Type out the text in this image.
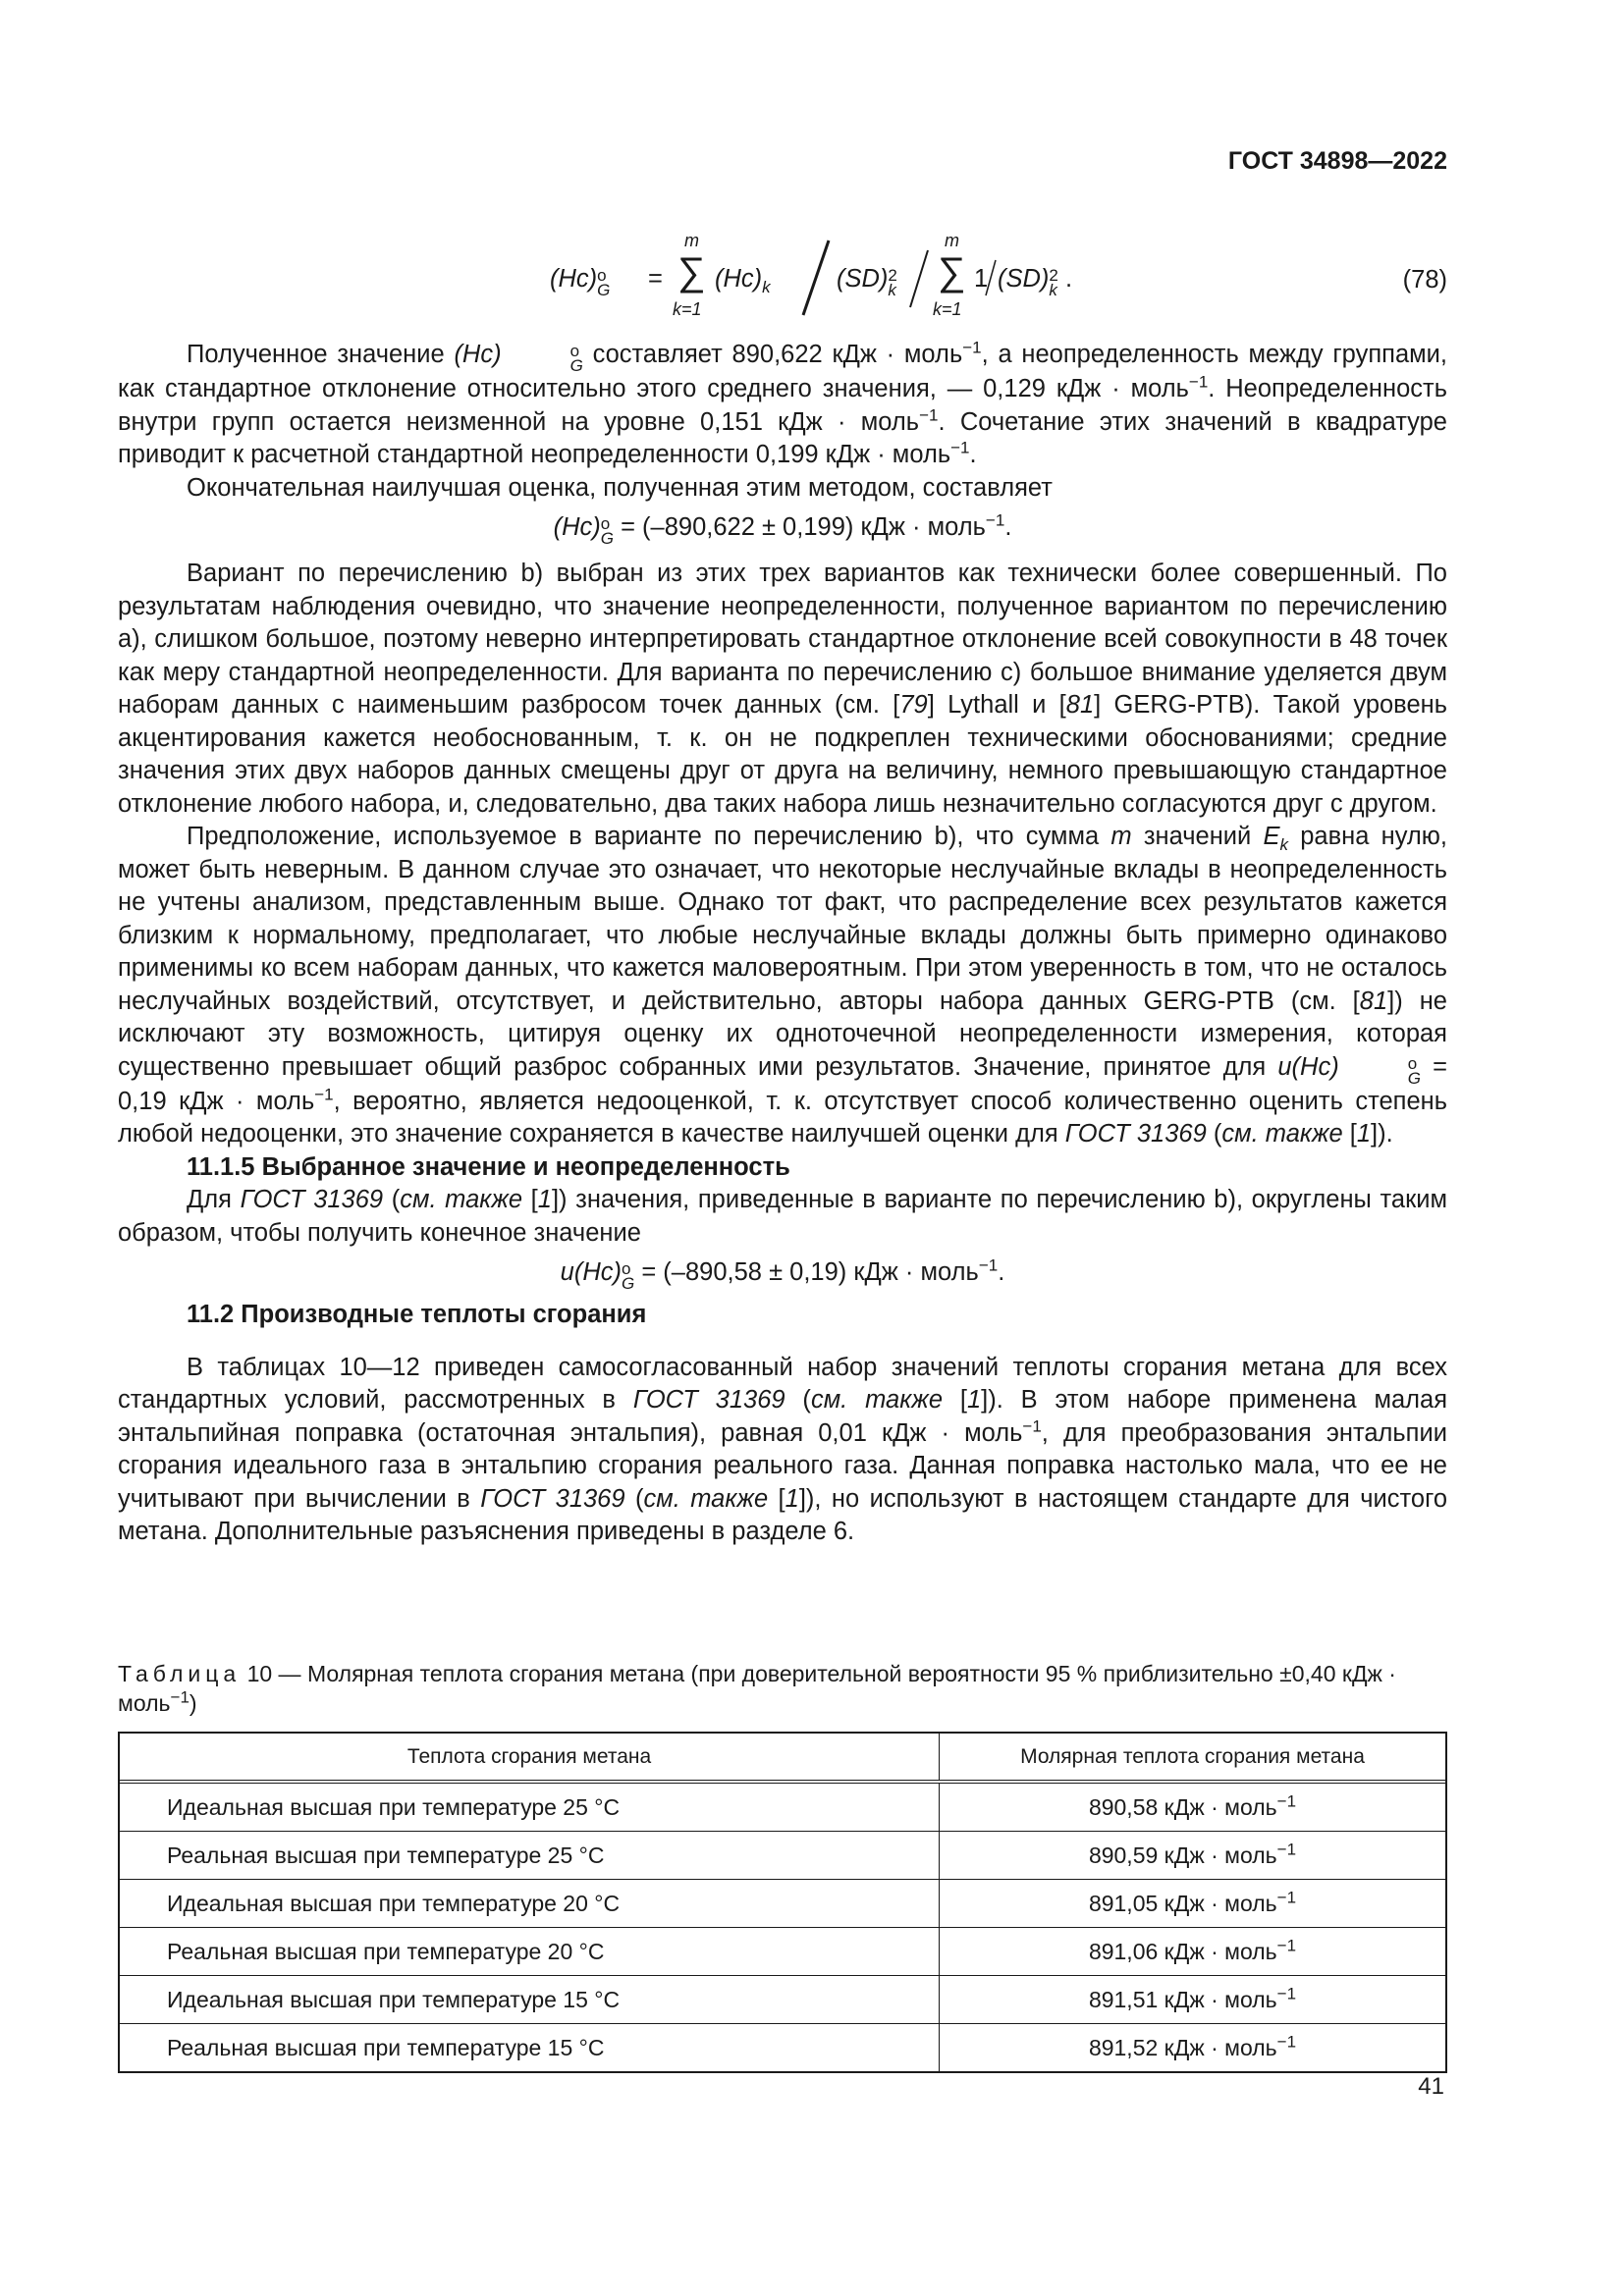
ГОСТ 34898—2022
(Hc) o
G =
m
∑
k=1
$(Hc)_k$	(SD) 2
k
m
∑
k=1
1 (SD) 2
k .	(78)

Полученное значение (Hc)	o
G составляет 890,622 кДж · моль$^{-1}$, а неопределенность между группами, как стандартное отклонение относительно этого среднего значения, — 0,129 кДж · моль$^{-1}$. Неопределенность внутри групп остается неизменной на уровне 0,151 кДж · моль$^{-1}$. Сочетание этих значений в квадратуре приводит к расчетной стандартной неопределенности 0,199 кДж · моль$^{-1}$.

Окончательная наилучшая оценка, полученная этим методом, составляет

(Hc) o
G = (–890,622 ± 0,199) кДж · моль$^{-1}$.

Вариант по перечислению b) выбран из этих трех вариантов как технически более совершенный. По результатам наблюдения очевидно, что значение неопределенности, полученное вариантом по перечислению а), слишком большое, поэтому неверно интерпретировать стандартное отклонение всей совокупности в 48 точек как меру стандартной неопределенности. Для варианта по перечислению с) большое внимание уделяется двум наборам данных с наименьшим разбросом точек данных (см. [79] Lythall и [81] GERG-PTB). Такой уровень акцентирования кажется необоснованным, т. к. он не подкреплен техническими обоснованиями; средние значения этих двух наборов данных смещены друг от друга на величину, немного превышающую стандартное отклонение любого набора, и, следовательно, два таких набора лишь незначительно согласуются друг с другом.

Предположение, используемое в варианте по перечислению b), что сумма m значений $E_k$ равна нулю, может быть неверным. В данном случае это означает, что некоторые неслучайные вклады в неопределенность не учтены анализом, представленным выше. Однако тот факт, что распределение всех результатов кажется близким к нормальному, предполагает, что любые неслучайные вклады должны быть примерно одинаково применимы ко всем наборам данных, что кажется маловероятным. При этом уверенность в том, что не осталось неслучайных воздействий, отсутствует, и действительно, авторы набора данных GERG-PTB (см. [81]) не исключают эту возможность, цитируя оценку их одноточечной неопределенности измерения, которая существенно превышает общий разброс собранных ими результатов. Значение, принятое для u(Hc)	o
G = 0,19 кДж · моль$^{-1}$, вероятно, является недооценкой, т. к. отсутствует способ количественно оценить степень любой недооценки, это значение сохраняется в качестве наилучшей оценки для ГОСТ 31369 (см. также [1]).

11.1.5 Выбранное значение и неопределенность

Для ГОСТ 31369 (см. также [1]) значения, приведенные в варианте по перечислению b), округлены таким образом, чтобы получить конечное значение

u(Hc) o
G = (–890,58 ± 0,19) кДж · моль$^{-1}$.

11.2 Производные теплоты сгорания

В таблицах 10—12 приведен самосогласованный набор значений теплоты сгорания метана для всех стандартных условий, рассмотренных в ГОСТ 31369 (см. также [1]). В этом наборе применена малая энтальпийная поправка (остаточная энтальпия), равная 0,01 кДж · моль$^{-1}$, для преобразования энтальпии сгорания идеального газа в энтальпию сгорания реального газа. Данная поправка настолько мала, что ее не учитывают при вычислении в ГОСТ 31369 (см. также [1]), но используют в настоящем стандарте для чистого метана. Дополнительные разъяснения приведены в разделе 6.

Таблица 10 — Молярная теплота сгорания метана (при доверительной вероятности 95 % приблизительно ±0,40 кДж · моль$^{-1}$)
Теплота сгорания метана	Молярная теплота сгорания метана

Идеальная высшая при температуре 25 °С	890,58 кДж · моль$^{-1}$
Реальная высшая при температуре 25 °С	890,59 кДж · моль$^{-1}$
Идеальная высшая при температуре 20 °С	891,05 кДж · моль$^{-1}$
Реальная высшая при температуре 20 °С	891,06 кДж · моль$^{-1}$
Идеальная высшая при температуре 15 °С	891,51 кДж · моль$^{-1}$
Реальная высшая при температуре 15 °С	891,52 кДж · моль$^{-1}$
41
